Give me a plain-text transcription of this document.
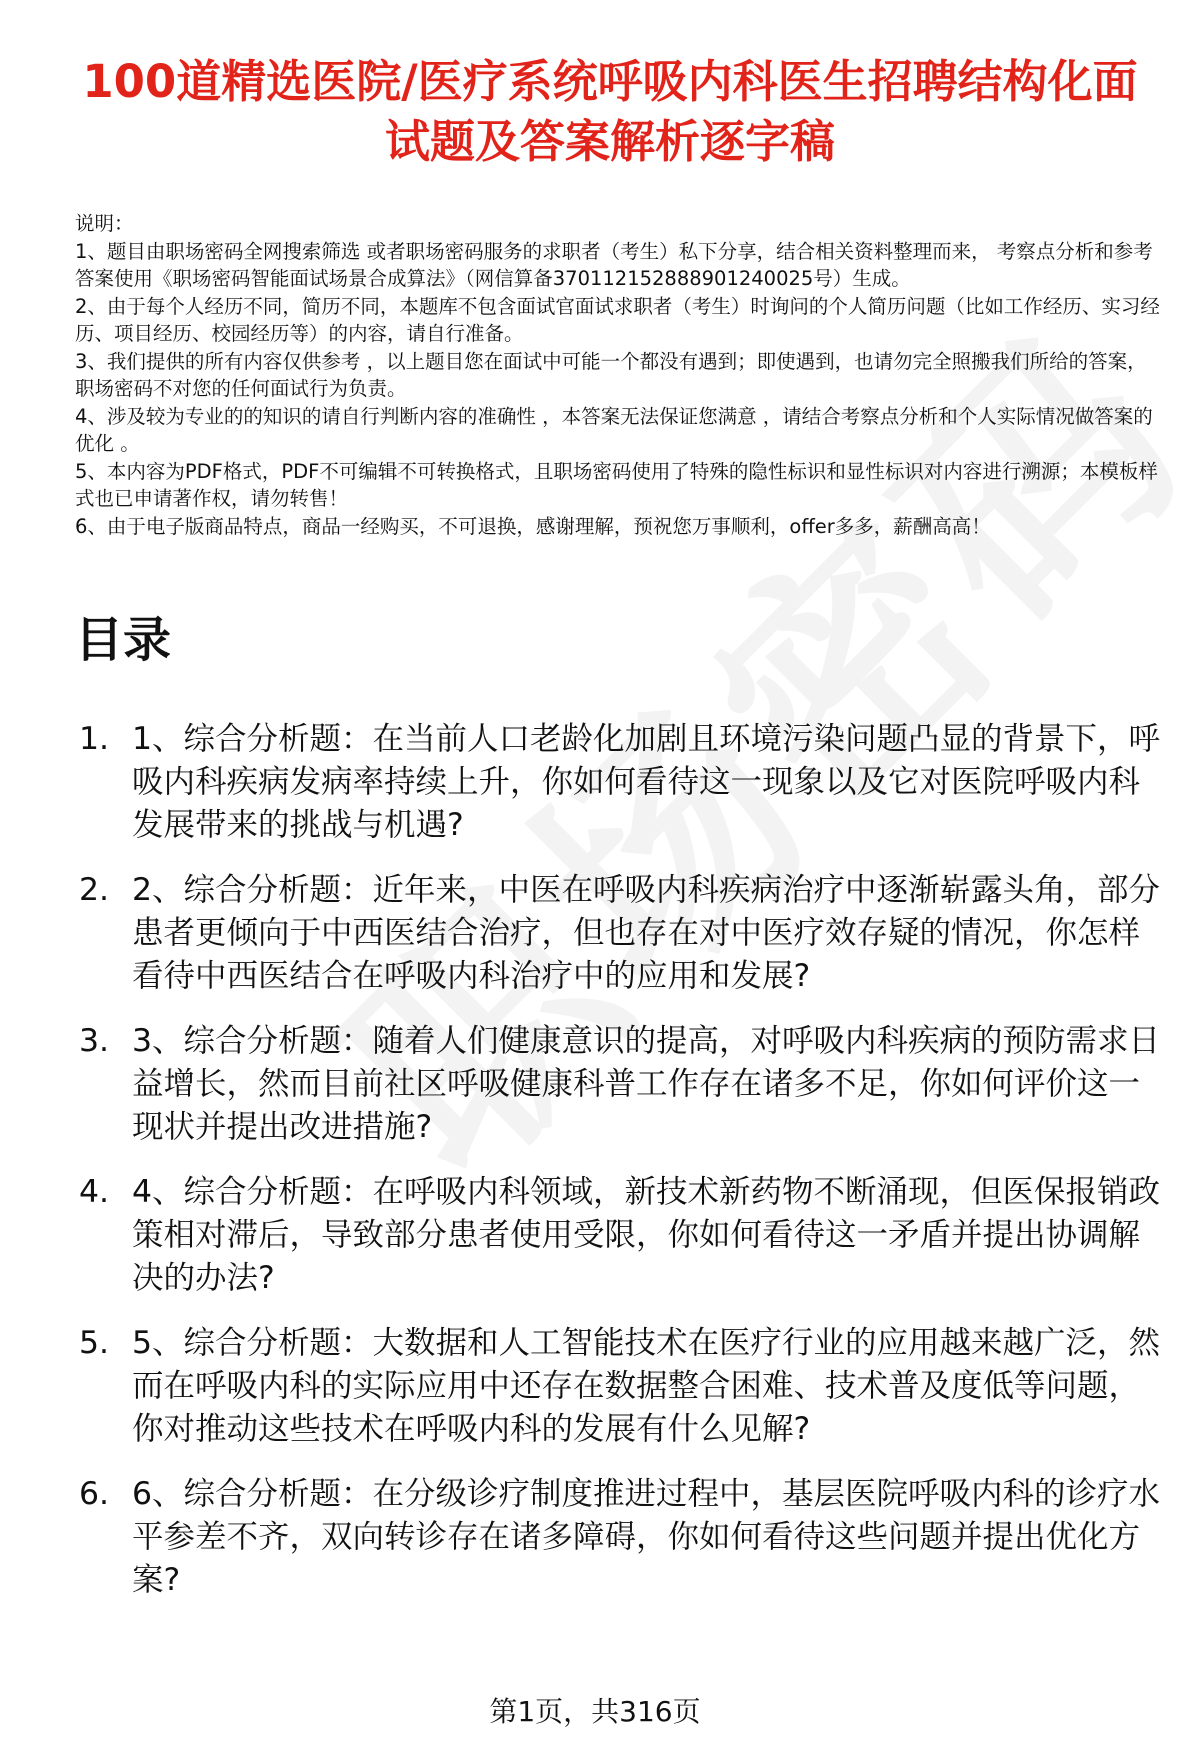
100道精选医院/医疗系统呼吸内科医生招聘结构化面试题及答案解析逐字稿

说明：

1、题目由职场密码全网搜索筛选 或者职场密码服务的求职者（考生）私下分享，结合相关资料整理而来， 考察点分析和参考答案使用《职场密码智能面试场景合成算法》（网信算备370112152888901240025号）生成。

2、由于每个人经历不同，简历不同，本题库不包含面试官面试求职者（考生）时询问的个人简历问题（比如工作经历、实习经历、项目经历、校园经历等）的内容，请自行准备。

3、我们提供的所有内容仅供参考 ，以上题目您在面试中可能一个都没有遇到；即使遇到，也请勿完全照搬我们所给的答案，职场密码不对您的任何面试行为负责。

4、涉及较为专业的的知识的请自行判断内容的准确性 ，本答案无法保证您满意 ，请结合考察点分析和个人实际情况做答案的优化 。

5、本内容为PDF格式，PDF不可编辑不可转换格式，且职场密码使用了特殊的隐性标识和显性标识对内容进行溯源；本模板样式也已申请著作权，请勿转售！

6、由于电子版商品特点，商品一经购买，不可退换，感谢理解，预祝您万事顺利，offer多多，薪酬高高！

目录
1. 1、综合分析题：在当前人口老龄化加剧且环境污染问题凸显的背景下，呼吸内科疾病发病率持续上升，你如何看待这一现象以及它对医院呼吸内科发展带来的挑战与机遇?
2. 2、综合分析题：近年来，中医在呼吸内科疾病治疗中逐渐崭露头角，部分患者更倾向于中西医结合治疗，但也存在对中医疗效存疑的情况，你怎样看待中西医结合在呼吸内科治疗中的应用和发展?
3. 3、综合分析题：随着人们健康意识的提高，对呼吸内科疾病的预防需求日益增长，然而目前社区呼吸健康科普工作存在诸多不足，你如何评价这一现状并提出改进措施?
4. 4、综合分析题：在呼吸内科领域，新技术新药物不断涌现，但医保报销政策相对滞后，导致部分患者使用受限，你如何看待这一矛盾并提出协调解决的办法?
5. 5、综合分析题：大数据和人工智能技术在医疗行业的应用越来越广泛，然而在呼吸内科的实际应用中还存在数据整合困难、技术普及度低等问题，你对推动这些技术在呼吸内科的发展有什么见解?
6. 6、综合分析题：在分级诊疗制度推进过程中，基层医院呼吸内科的诊疗水平参差不齐，双向转诊存在诸多障碍，你如何看待这些问题并提出优化方案?
第1页，共316页
